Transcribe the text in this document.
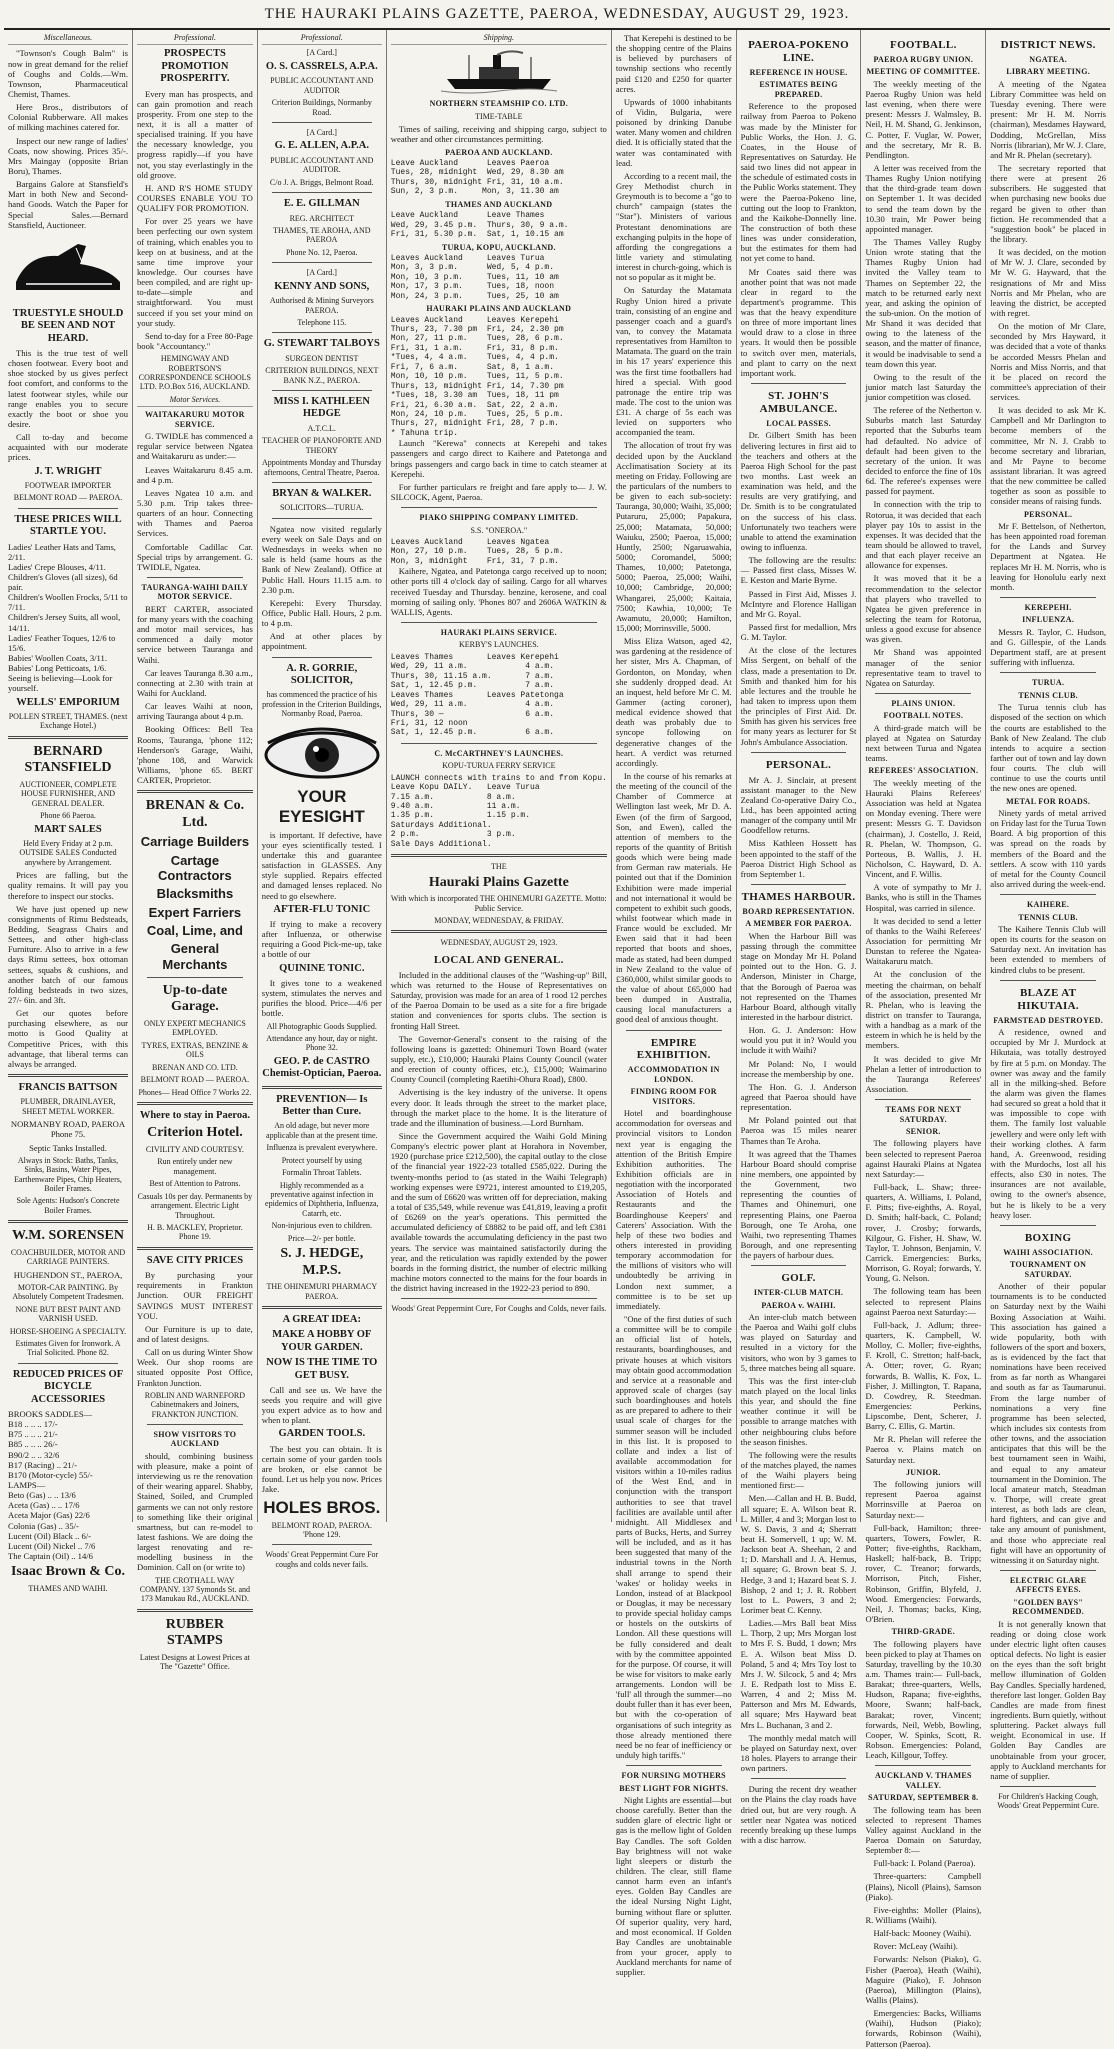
THE HAURAKI PLAINS GAZETTE, PAEROA, WEDNESDAY, AUGUST 29, 1923.
Miscellaneous.

"Townson's Cough Balm" is now in great demand for the relief of Coughs and Colds.—Wm. Townson, Pharmaceutical Chemist, Thames.

Here Bros., distributors of Colonial Rubberware. All makes of milking machines catered for.

Inspect our new range of ladies' Coats, now showing. Prices 35/-. Mrs Maingay (opposite Brian Boru), Thames.

Bargains Galore at Stansfield's Mart in both New and Second-hand Goods. Watch the Paper for Special Sales.—Bernard Stansfield, Auctioneer.

TRUESTYLE SHOULD BE SEEN AND NOT HEARD.

This is the true test of well chosen footwear. Every boot and shoe stocked by us gives perfect foot comfort, and conforms to the latest footwear styles, while our range enables you to secure exactly the boot or shoe you desire.

Call to-day and become acquainted with our moderate prices.

J. T. WRIGHT
FOOTWEAR IMPORTER
BELMONT ROAD — PAEROA.
THESE PRICES WILL STARTLE YOU.
Ladies' Leather Hats and Tams, 2/11.
Ladies' Crepe Blouses, 4/11.
Children's Gloves (all sizes), 6d pair.
Children's Woollen Frocks, 5/11 to 7/11.
Children's Jersey Suits, all wool, 14/11.
Ladies' Feather Toques, 12/6 to 15/6.
Babies' Woollen Coats, 3/11.
Babies' Long Petticoats, 1/6.
Seeing is believing—Look for yourself.
WELLS' EMPORIUM
POLLEN STREET, THAMES. (next Exchange Hotel.)
BERNARD STANSFIELD
AUCTIONEER, COMPLETE HOUSE FURNISHER, AND GENERAL DEALER.
Phone 66 Paeroa.
MART SALES
Held Every Friday at 2 p.m. OUTSIDE SALES Conducted anywhere by Arrangement.

Prices are falling, but the quality remains. It will pay you therefore to inspect our stocks.

We have just opened up new consignments of Rimu Bedsteads, Bedding, Seagrass Chairs and Settees, and other high-class Furniture. Also to arrive in a few days Rimu settees, box ottoman settees, squabs & cushions, and another batch of our famous folding bedsteads in two sizes, 27/- 6in. and 3ft.

Get our quotes before purchasing elsewhere, as our motto is Good Quality at Competitive Prices, with this advantage, that liberal terms can always be arranged.

FRANCIS BATTSON
PLUMBER, DRAINLAYER, SHEET METAL WORKER.
NORMANBY ROAD, PAEROA Phone 75.
Septic Tanks Installed.
Always in Stock: Baths, Tanks, Sinks, Basins, Water Pipes, Earthenware Pipes, Chip Heaters, Boiler Frames.
Sole Agents: Hudson's Concrete Boiler Frames.
W.M. SORENSEN
COACHBUILDER, MOTOR AND CARRIAGE PAINTERS.
HUGHENDON ST., PAEROA,
MOTOR-CAR PAINTING. By Absolutely Competent Tradesmen.
NONE BUT BEST PAINT AND VARNISH USED.
HORSE-SHOEING A SPECIALTY.
Estimates Given for Ironwork. A Trial Solicited. Phone 82.
REDUCED PRICES OF BICYCLE ACCESSORIES
BROOKS SADDLES—
B18 .. .. .. 17/-
B75 .. .. .. 21/-
B85 .. .. .. 26/-
B90/2 .. .. 32/6
B17 (Racing) .. 21/-
B170 (Motor-cycle) 55/-
LAMPS—
Beto (Gas) .. .. 13/6
Aceta (Gas) .. .. 17/6
Aceta Major (Gas) 22/6
Colonia (Gas) .. 35/-
Lucent (Oil) Black .. 6/-
Lucent (Oil) Nickel .. 7/6
The Captain (Oil) .. 14/6
Isaac Brown & Co.
THAMES AND WAIHI.
Professional.
PROSPECTS PROMOTION PROSPERITY.

Every man has prospects, and can gain promotion and reach prosperity. From one step to the next, it is all a matter of specialised training. If you have the necessary knowledge, you progress rapidly—if you have not, you stay everlastingly in the old groove.

H. AND R'S HOME STUDY COURSES ENABLE YOU TO QUALIFY FOR PROMOTION.

For over 25 years we have been perfecting our own system of training, which enables you to keep on at business, and at the same time improve your knowledge. Our courses have been compiled, and are right up-to-date—simple and straightforward. You must succeed if you set your mind on your study.

Send to-day for a Free 80-Page book "Accountancy."

HEMINGWAY AND ROBERTSON'S CORRESPONDENCE SCHOOLS LTD. P.O.Box 516, AUCKLAND.
Motor Services.
WAITAKARURU MOTOR SERVICE.

G. TWIDLE has commenced a regular service between Ngatea and Waitakaruru as under:—

Leaves Waitakaruru 8.45 a.m. and 4 p.m.

Leaves Ngatea 10 a.m. and 5.30 p.m. Trip takes three-quarters of an hour. Connecting with Thames and Paeroa Services.

Comfortable Cadillac Car. Special trips by arrangement. G. TWIDLE, Ngatea.

TAURANGA-WAIHI DAILY MOTOR SERVICE.

BERT CARTER, associated for many years with the coaching and motor mail services, has commenced a daily motor service between Tauranga and Waihi.

Car leaves Tauranga 8.30 a.m., connecting at 2.30 with train at Waihi for Auckland.

Car leaves Waihi at noon, arriving Tauranga about 4 p.m.

Booking Offices: Bell Tea Rooms, Tauranga, 'phone 112; Henderson's Garage, Waihi, 'phone 108, and Warwick Williams, 'phone 65. BERT CARTER, Proprietor.

BRENAN & Co. Ltd.
Carriage Builders
Cartage Contractors
Blacksmiths
Expert Farriers
Coal, Lime, and
General Merchants
Up-to-date Garage.
ONLY EXPERT MECHANICS EMPLOYED.
TYRES, EXTRAS, BENZINE & OILS
BRENAN AND CO. LTD.
BELMONT ROAD — PAEROA.
Phones— Head Office 7 Works 22.
Where to stay in Paeroa.
Criterion Hotel.
CIVILITY AND COURTESY.
Run entirely under new management.
Best of Attention to Patrons.
Casuals 10s per day. Permanents by arrangement. Electric Light Throughout.
H. B. MACKLEY, Proprietor. Phone 19.
SAVE CITY PRICES

By purchasing your requirements in Frankton Junction. OUR FREIGHT SAVINGS MUST INTEREST YOU.

Our Furniture is up to date, and of latest designs.

Call on us during Winter Show Week. Our shop rooms are situated opposite Post Office, Frankton Junction.

ROBLIN AND WARNEFORD Cabinetmakers and Joiners, FRANKTON JUNCTION.
SHOW VISITORS TO AUCKLAND

should, combining business with pleasure, make a point of interviewing us re the renovation of their wearing apparel. Shabby, Stained, Soiled, and Crumpled garments we can not only restore to something like their original smartness, but can re-model to latest fashions. We are doing the largest renovating and re-modelling business in the Dominion. Call on (or write to)

THE CROTHALL WAY COMPANY. 137 Symonds St. and 173 Manukau Rd., AUCKLAND.
RUBBER STAMPS
Latest Designs at Lowest Prices at The "Gazette" Office.
Professional.
[A Card.]
O. S. CASSRELS, A.P.A.
PUBLIC ACCOUNTANT AND AUDITOR
Criterion Buildings, Normanby Road.
[A Card.]
G. E. ALLEN, A.P.A.
PUBLIC ACCOUNTANT AND AUDITOR.
C/o J. A. Briggs, Belmont Road.
E. E. GILLMAN
REG. ARCHITECT
THAMES, TE AROHA, AND PAEROA
Phone No. 12, Paeroa.
[A Card.]
KENNY AND SONS,
Authorised & Mining Surveyors PAEROA.
Telephone 115.
G. STEWART TALBOYS
SURGEON DENTIST
CRITERION BUILDINGS, NEXT BANK N.Z., PAEROA.
MISS I. KATHLEEN HEDGE
A.T.C.L.
TEACHER OF PIANOFORTE AND THEORY
Appointments Monday and Thursday afternoons, Central Theatre, Paeroa.
BRYAN & WALKER.
SOLICITORS—TURUA.

Ngatea now visited regularly every week on Sale Days and on Wednesdays in weeks when no sale is held (same hours as the Bank of New Zealand). Office at Public Hall. Hours 11.15 a.m. to 2.30 p.m.

Kerepehi: Every Thursday. Office, Public Hall. Hours, 2 p.m. to 4 p.m.

And at other places by appointment.

A. R. GORRIE, SOLICITOR,
has commenced the practice of his profession in the Criterion Buildings, Normanby Road, Paeroa.
YOUR EYESIGHT

is important. If defective, have your eyes scientifically tested. I undertake this and guarantee satisfaction in GLASSES. Any style supplied. Repairs effected and damaged lenses replaced. No need to go elsewhere.

AFTER-FLU TONIC

If trying to make a recovery after Influenza, or otherwise requiring a Good Pick-me-up, take a bottle of our

QUININE TONIC.

It gives tone to a weakened system, stimulates the nerves and purifies the blood. Price—4/6 per bottle.

All Photographic Goods Supplied.
Attendance any hour, day or night. Phone 32.
GEO. P. de CASTRO Chemist-Optician, Paeroa.
PREVENTION— Is Better than Cure.
An old adage, but never more applicable than at the present time.
Influenza is prevalent everywhere.
Protect yourself by using
Formalin Throat Tablets.
Highly recommended as a preventative against infection in epidemics of Diphtheria, Influenza, Catarrh, etc.
Non-injurious even to children.
Price—2/- per bottle.
S. J. HEDGE, M.P.S.
THE OHINEMURI PHARMACY PAEROA.
A GREAT IDEA:
MAKE A HOBBY OF YOUR GARDEN.
NOW IS THE TIME TO GET BUSY.

Call and see us. We have the seeds you require and will give you expert advice as to how and when to plant.

GARDEN TOOLS.

The best you can obtain. It is certain some of your garden tools are broken, or else cannot be found. Let us help you now. Prices Jake.

HOLES BROS.
BELMONT ROAD, PAEROA. 'Phone 129.
Woods' Great Peppermint Cure For coughs and colds never fails.
Shipping.
NORTHERN STEAMSHIP CO. LTD.
TIME-TABLE

Times of sailing, receiving and shipping cargo, subject to weather and other circumstances permitting.

PAEROA AND AUCKLAND.
Leave Auckland      Leaves Paeroa
Tues, 28, midnight  Wed, 29, 8.30 am
Thurs, 30, midnight Fri, 31, 10 a.m.
Sun, 2, 3 p.m.     Mon, 3, 11.30 am
THAMES AND AUCKLAND
Leave Auckland      Leave Thames
Wed, 29, 3.45 p.m.  Thurs, 30, 9 a.m.
Fri, 31, 5.30 p.m.  Sat, 1, 10.15 am
TURUA, KOPU, AUCKLAND.
Leaves Auckland     Leaves Turua
Mon, 3, 3 p.m.      Wed, 5, 4 p.m.
Mon, 10, 3 p.m.     Tues, 11, 10 am
Mon, 17, 3 p.m.     Tues, 18, noon
Mon, 24, 3 p.m.     Tues, 25, 10 am
HAURAKI PLAINS AND AUCKLAND
Leaves Auckland     Leaves Kerepehi
Thurs, 23, 7.30 pm  Fri, 24, 2.30 pm
Mon, 27, 11 p.m.    Tues, 28, 6 p.m.
Fri, 31, 1 a.m.     Fri, 31, 8 p.m.
*Tues, 4, 4 a.m.    Tues, 4, 4 p.m.
Fri, 7, 6 a.m.      Sat, 8, 1 a.m.
Mon, 10, 10 p.m.    Tues, 11, 5 p.m.
Thurs, 13, midnight Fri, 14, 7.30 pm
*Tues, 18, 3.30 am  Tues, 18, 11 pm
Fri, 21, 6.30 a.m.  Sat, 22, 2 a.m.
Mon, 24, 10 p.m.    Tues, 25, 5 p.m.
Thurs, 27, midnight Fri, 28, 7 p.m.
* Tahuna trip.

Launch "Kerewa" connects at Kerepehi and takes passengers and cargo direct to Kaihere and Patetonga and brings passengers and cargo back in time to catch steamer at Kerepehi.

For further particulars re freight and fare apply to— J. W. SILCOCK, Agent, Paeroa.

PIAKO SHIPPING COMPANY LIMITED.
S.S. "ONEROA."
Leaves Auckland     Leaves Ngatea
Mon, 27, 10 p.m.    Tues, 28, 5 p.m.
Mon, 3, midnight    Fri, 31, 7 p.m.

Kaihere, Ngatea, and Patetonga cargo received up to noon; other ports till 4 o'clock day of sailing. Cargo for all wharves received Tuesday and Thursday. benzine, kerosene, and coal morning of sailing only. 'Phones 807 and 2606A WATKIN & WALLIS, Agents.

HAURAKI PLAINS SERVICE.
KERBY'S LAUNCHES.
Leaves Thames       Leaves Kerepehi
Wed, 29, 11 a.m.            4 a.m.
Thurs, 30, 11.15 a.m.       7 a.m.
Sat, 1, 12.45 p.m.          7 a.m.
Leaves Thames       Leaves Patetonga
Wed, 29, 11 a.m.            4 a.m.
Thurs, 30 —                 6 a.m.
Fri, 31, 12 noon
Sat, 1, 12.45 p.m.          6 a.m.
C. McCARTHNEY'S LAUNCHES.
KOPU-TURUA FERRY SERVICE
LAUNCH connects with trains to and from Kopu.
Leave Kopu DAILY.   Leave Turua
7.15 a.m.           8 a.m.
9.40 a.m.           11 a.m.
1.35 p.m.           1.15 p.m.
Saturdays Additional.
2 p.m.              3 p.m.
Sale Days Additional.
THE
Hauraki Plains Gazette
With which is incorporated THE OHINEMURI GAZETTE. Motto: Public Service.
MONDAY, WEDNESDAY, & FRIDAY.
WEDNESDAY, AUGUST 29, 1923.
LOCAL AND GENERAL.

Included in the additional clauses of the "Washing-up" Bill, which was returned to the House of Representatives on Saturday, provision was made for an area of 1 rood 12 perches of the Paeroa Domain to be used as a site for a fire brigade station and conveniences for sports clubs. The section is fronting Hall Street.

The Governor-General's consent to the raising of the following loans is gazetted: Ohinemuri Town Board (water supply, etc.), £10,000; Hauraki Plains County Council (water and erection of county offices, etc.), £15,000; Waimarino County Council (completing Raetihi-Ohura Road), £800.

Advertising is the key industry of the universe. It opens every door. It leads through the street to the market place, through the market place to the home. It is the literature of trade and the illumination of business.—Lord Burnham.

Since the Government acquired the Waihi Gold Mining Company's electric power plant at Horahora in November, 1920 (purchase price £212,500), the capital outlay to the close of the financial year 1922-23 totalled £585,022. During the twenty-months period to (as stated in the Waihi Telegraph) working expenses were £9721, interest amounted to £19,205, and the sum of £6620 was written off for depreciation, making a total of £35,549, while revenue was £41,819, leaving a profit of £6269 on the year's operations. This permitted the accumulated deficiency of £8882 to be paid off, and left £381 available towards the accumulating deficiency in the past two years. The service was maintained satisfactorily during the year, and the reticulation was rapidly extended by the power boards in the forming district, the number of electric milking machine motors connected to the mains for the four boards in the district having increased in the 1922-23 period to 890.

Woods' Great Peppermint Cure, For Coughs and Colds, never fails.

That Kerepehi is destined to be the shopping centre of the Plains is believed by purchasers of township sections who recently paid £120 and £250 for quarter acres.

Upwards of 1000 inhabitants of Vidin, Bulgaria, were poisoned by drinking Danube water. Many women and children died. It is officially stated that the water was contaminated with lead.

According to a recent mail, the Grey Methodist church in Greymouth is to become a "go to church" campaign (states the "Star"). Ministers of various Protestant denominations are exchanging pulpits in the hope of affording the congregations a little variety and stimulating interest in church-going, which is not so popular as it might be.

On Saturday the Matamata Rugby Union hired a private train, consisting of an engine and passenger coach and a guard's van, to convey the Matamata representatives from Hamilton to Matamata. The guard on the train in his 17 years' experience this was the first time footballers had hired a special. With good patronage the entire trip was made. The cost to the union was £31. A charge of 5s each was levied on supporters who accompanied the team.

The allocation of trout fry was decided upon by the Auckland Acclimatisation Society at its meeting on Friday. Following are the particulars of the numbers to be given to each sub-society: Tauranga, 30,000; Waihi, 35,000; Putaruru, 25,000; Papakura, 25,000; Matamata, 50,000; Waiuku, 2500; Paeroa, 15,000; Huntly, 2500; Ngaruawahia, 5000; Coromandel, 5000; Thames, 10,000; Patetonga, 5000; Paeroa, 25,000; Waihi, 10,000; Cambridge, 20,000; Whangarei, 25,000; Kaitaia, 7500; Kawhia, 10,000; Te Awamutu, 20,000; Hamilton, 15,000; Morrinsville, 5000.

Miss Eliza Watson, aged 42, was gardening at the residence of her sister, Mrs A. Chapman, of Gordonton, on Monday, when she suddenly dropped dead. At an inquest, held before Mr C. M. Gammer (acting coroner), medical evidence showed that death was probably due to syncope following on degenerative changes of the heart. A verdict was returned accordingly.

In the course of his remarks at the meeting of the council of the Chamber of Commerce at Wellington last week, Mr D. A. Ewen (of the firm of Sargood, Son, and Ewen), called the attention of members to the reports of the quantity of British goods which were being made from German raw materials. He pointed out that if the Dominion Exhibition were made imperial and not international it would be competent to exhibit such goods, whilst footwear which made in France would be excluded. Mr Ewen said that it had been reported that boots and shoes, made as stated, had been dumped in New Zealand to the value of £360,000, whilst similar goods to the value of about £65,000 had been dumped in Australia, causing local manufacturers a good deal of anxious thought.

EMPIRE EXHIBITION.
ACCOMMODATION IN LONDON.
FINDING ROOM FOR VISITORS.

Hotel and boardinghouse accommodation for overseas and provincial visitors to London next year is engaging the attention of the British Empire Exhibition authorities. The Exhibition officials are in negotiation with the incorporated Association of Hotels and Restaurants and the Boardinghouse Keepers' and Caterers' Association. With the help of these two bodies and others interested in providing temporary accommodation for the millions of visitors who will undoubtedly be arriving in London next summer, a committee is to be set up immediately.

"One of the first duties of such a committee will be to compile an official list of hotels, restaurants, boardinghouses, and private houses at which visitors may obtain good accommodation and service at a reasonable and approved scale of charges (say such boardinghouses and hotels as are prepared to adhere to their usual scale of charges for the summer season will be included in this list. It is proposed to collate and index a list of available accommodation for visitors within a 10-miles radius of the West End, and in conjunction with the transport authorities to see that travel facilities are available until after midnight. All Middlesex and parts of Bucks, Herts, and Surrey will be included, and as it has been suggested that many of the industrial towns in the North shall arrange to spend their 'wakes' or holiday weeks in London, instead of at Blackpool or Douglas, it may be necessary to provide special holiday camps or hostels on the outskirts of London. All these questions will be fully considered and dealt with by the committee appointed for the purpose. Of course, it will be wise for visitors to make early arrangements. London will be 'full' all through the summer—no doubt fuller than it has ever been, but with the co-operation of organisations of such integrity as those already mentioned there need be no fear of inefficiency or unduly high tariffs."

FOR NURSING MOTHERS
BEST LIGHT FOR NIGHTS.

Night Lights are essential—but choose carefully. Better than the sudden glare of electric light or gas is the mellow light of Golden Bay Candles. The soft Golden Bay brightness will not wake light sleepers or disturb the children. The clear, still flame cannot harm even an infant's eyes. Golden Bay Candles are the ideal Nursing Night Light, burning without flare or splutter. Of superior quality, very hard, and most economical. If Golden Bay Candles are unobtainable from your grocer, apply to Auckland merchants for name of supplier.

PAEROA-POKENO LINE.
REFERENCE IN HOUSE.
ESTIMATES BEING PREPARED.

Reference to the proposed railway from Paeroa to Pokeno was made by the Minister for Public Works, the Hon. J. G. Coates, in the House of Representatives on Saturday. He said two lines did not appear in the schedule of estimated costs in the Public Works statement. They were the Paeroa-Pokeno line, cutting out the loop to Frankton, and the Kaikohe-Donnelly line. The construction of both these lines was under consideration, but the estimates for them had not yet come to hand.

Mr Coates said there was another point that was not made clear in regard to the department's programme. This was that the heavy expenditure on three of more important lines would draw to a close in three years. It would then be possible to switch over men, materials, and plant to carry on the next important work.

ST. JOHN'S AMBULANCE.
LOCAL PASSES.

Dr. Gilbert Smith has been delivering lectures in first aid to the teachers and others at the Paeroa High School for the past two months. Last week an examination was held, and the results are very gratifying, and Dr. Smith is to be congratulated on the success of his class. Unfortunately two teachers were unable to attend the examination owing to influenza.

The following are the results:— Passed first class, Misses W. E. Keston and Marie Byrne.

Passed in First Aid, Misses J. McIntyre and Florence Halligan and Mr G. Royal.

Passed first for medallion, Mrs G. M. Taylor.

At the close of the lectures Miss Sergent, on behalf of the class, made a presentation to Dr. Smith and thanked him for his able lectures and the trouble he had taken to impress upon them the principles of First Aid. Dr. Smith has given his services free for many years as lecturer for St John's Ambulance Association.

PERSONAL.

Mr A. J. Sinclair, at present assistant manager to the New Zealand Co-operative Dairy Co., Ltd., has been appointed acting manager of the company until Mr Goodfellow returns.

Miss Kathleen Hossett has been appointed to the staff of the Paeroa District High School as from September 1.

THAMES HARBOUR.
BOARD REPRESENTATION.
A MEMBER FOR PAEROA.

When the Harbour Bill was passing through the committee stage on Monday Mr H. Poland pointed out to the Hon. G. J. Anderson, Minister in Charge, that the Borough of Paeroa was not represented on the Thames Harbour Board, although vitally interested in the harbour district.

Hon. G. J. Anderson: How would you put it in? Would you include it with Waihi?

Mr Poland: No, I would increase the membership by one.

The Hon. G. J. Anderson agreed that Paeroa should have representation.

Mr Poland pointed out that Paeroa was 15 miles nearer Thames than Te Aroha.

It was agreed that the Thames Harbour Board should comprise nine members, one appointed by the Government, two representing the counties of Thames and Ohinemuri, one representing Plains, one Paeroa Borough, one Te Aroha, one Waihi, two representing Thames Borough, and one representing the payers of harbour dues.

GOLF.
INTER-CLUB MATCH.
PAEROA v. WAIHI.

An inter-club match between the Paeroa and Waihi golf clubs was played on Saturday and resulted in a victory for the visitors, who won by 3 games to 5, three matches being all square.

This was the first inter-club match played on the local links this year, and should the fine weather continue it will be possible to arrange matches with other neighbouring clubs before the season finishes.

The following were the results of the matches played, the names of the Waihi players being mentioned first:—

Men.—Callan and H. B. Budd, all square; E. A. Wilson beat R. L. Miller, 4 and 3; Morgan lost to W. S. Davis, 3 and 4; Sherratt beat H. Somervell, 1 up; W. M. Jackson beat A. Sheehan, 2 and 1; D. Marshall and J. A. Hemus, all square; G. Brown beat S. J. Hedge, 3 and 1; Hazard beat S. J. Bishop, 2 and 1; J. R. Robbert lost to L. Powers, 3 and 2; Lorimer beat C. Kenny.

Ladies.—Mrs Ball beat Miss L. Thorp, 2 up; Mrs Morgan lost to Mrs F. S. Budd, 1 down; Mrs E. A. Wilson beat Miss D. Poland, 5 and 4; Mrs Toy lost to Mrs J. W. Silcock, 5 and 4; Mrs J. E. Redpath lost to Miss E. Warren, 4 and 2; Miss M. Patterson and Mrs M. Edwards, all square; Mrs Hayward beat Mrs L. Buchanan, 3 and 2.

The monthly medal match will be played on Saturday next, over 18 holes. Players to arrange their own partners.

During the recent dry weather on the Plains the clay roads have dried out, but are very rough. A settler near Ngatea was noticed recently breaking up these lumps with a disc harrow.

FOOTBALL.
PAEROA RUGBY UNION.
MEETING OF COMMITTEE.

The weekly meeting of the Paeroa Rugby Union was held last evening, when there were present: Messrs J. Walmsley, B. Neil, H. M. Shand, G. Jenkinson, C. Potter, F. Vuglar, W. Power, and the secretary, Mr R. B. Pendlington.

A letter was received from the Thames Rugby Union notifying that the third-grade team down on September 1. It was decided to send the team down by the 10.30 train, Mr Power being appointed manager.

The Thames Valley Rugby Union wrote stating that the Thames Rugby Union had invited the Valley team to Thames on September 22, the match to be returned early next year, and asking the opinion of the sub-union. On the motion of Mr Shand it was decided that owing to the lateness of the season, and the matter of finance, it would be inadvisable to send a team down this year.

Owing to the result of the junior match last Saturday the junior competition was closed.

The referee of the Netherton v. Suburbs match last Saturday reported that the Suburbs team had defaulted. No advice of default had been given to the secretary of the union. It was decided to enforce the fine of 10s 6d. The referee's expenses were passed for payment.

In connection with the trip to Rotorua, it was decided that each player pay 10s to assist in the expenses. It was decided that the team should be allowed to travel, and that each player receive an allowance for expenses.

It was moved that it be a recommendation to the selector that players who travelled to Ngatea be given preference in selecting the team for Rotorua, unless a good excuse for absence was given.

Mr Shand was appointed manager of the senior representative team to travel to Ngatea on Saturday.

PLAINS UNION.
FOOTBALL NOTES.

A third-grade match will be played at Ngatea on Saturday next between Turua and Ngatea teams.

REFEREES' ASSOCIATION.

The weekly meeting of the Hauraki Plains Referees' Association was held at Ngatea on Monday evening. There were present: Messrs G. T. Davidson (chairman), J. Costello, J. Reid, R. Phelan, W. Thompson, G. Porteous, B. Wallis, J. H. Nicholson, C. Hayward, D. A. Vincent, and F. Willis.

A vote of sympathy to Mr J. Banks, who is still in the Thames Hospital, was carried in silence.

It was decided to send a letter of thanks to the Waihi Referees' Association for permitting Mr Dunstan to referee the Ngatea-Waitakaruru match.

At the conclusion of the meeting the chairman, on behalf of the association, presented Mr R. Phelan, who is leaving the district on transfer to Tauranga, with a handbag as a mark of the esteem in which he is held by the members.

It was decided to give Mr Phelan a letter of introduction to the Tauranga Referees' Association.

TEAMS FOR NEXT SATURDAY.
SENIOR.

The following players have been selected to represent Paeroa against Hauraki Plains at Ngatea next Saturday:—

Full-back, L. Shaw; three-quarters, A. Williams, I. Poland, F. Pitts; five-eighths, A. Royal, D. Smith; half-back, C. Poland; rover, J. Crosby; forwards, Kilgour, G. Fisher, H. Shaw, W. Taylor, T. Johnson, Benjamin, V. Carrick. Emergencies: Burks, Morrison, G. Royal; forwards, Y. Young, G. Nelson.

The following team has been selected to represent Plains against Paeroa next Saturday:—

Full-back, J. Adlum; three-quarters, K. Campbell, W. Molloy, C. Moller; five-eighths, F. Kroll, C. Stretton; half-back, A. Otter; rover, G. Ryan; forwards, B. Wallis, K. Fox, L. Fisher, J. Millington, T. Rapana, D. Cowdrey, R. Steedman. Emergencies: Perkins, Lipscombe, Dent, Scherer, J. Barry, C. Ellis, G. Martin.

Mr R. Phelan will referee the Paeroa v. Plains match on Saturday next.

JUNIOR.

The following juniors will represent Paeroa against Morrinsville at Paeroa on Saturday next:—

Full-back, Hamilton; three-quarters, Towers, Fowler, R. Potter; five-eighths, Rackham, Haskell; half-back, B. Tripp; rover, C. Treanor; forwards, Morrison, Pitch, Fisher, Robinson, Griffin, Blyfeld, J. Wood. Emergencies: Forwards, Neil, J. Thomas; backs, King, O'Brien.

THIRD-GRADE.

The following players have been picked to play at Thames on Saturday, travelling by the 10.30 a.m. Thames train:— Full-back, Barakat; three-quarters, Wells, Hudson, Rapana; five-eighths, Moore, Swann; half-back, Barakat; rover, Vincent; forwards, Neil, Webb, Bowling, Cooper, W. Spinks, Scott, R. Robson. Emergencies: Poland, Leach, Killgour, Toffey.

AUCKLAND V. THAMES VALLEY.
SATURDAY, SEPTEMBER 8.

The following team has been selected to represent Thames Valley against Auckland in the Paeroa Domain on Saturday, September 8:—

Full-back: I. Poland (Paeroa).

Three-quarters: Campbell (Plains), Nicoll (Plains), Samson (Piako).

Five-eighths: Moller (Plains), R. Williams (Waihi).

Half-back: Mooney (Waihi).

Rover: McLeay (Waihi).

Forwards: Nelson (Piako), G. Fisher (Paeroa), Heath (Waihi), Maguire (Piako), F. Johnson (Paeroa), Millington (Plains), Wallis (Plains).

Emergencies: Backs, Williams (Waihi), Hudson (Piako); forwards, Robinson (Waihi), Patterson (Paeroa).

DISTRICT NEWS.
NGATEA.
LIBRARY MEETING.

A meeting of the Ngatea Library Committee was held on Tuesday evening. There were present: Mr H. M. Norris (chairman), Mesdames Hayward, Dodding, McGrellan, Miss Norris (librarian), Mr W. J. Clare, and Mr R. Phelan (secretary).

The secretary reported that there were at present 26 subscribers. He suggested that when purchasing new books due regard be given to other than fiction. He recommended that a "suggestion book" be placed in the library.

It was decided, on the motion of Mr W. J. Clare, seconded by Mr W. G. Hayward, that the resignations of Mr and Miss Norris and Mr Phelan, who are leaving the district, be accepted with regret.

On the motion of Mr Clare, seconded by Mrs Hayward, it was decided that a vote of thanks be accorded Messrs Phelan and Norris and Miss Norris, and that it be placed on record the committee's appreciation of their services.

It was decided to ask Mr K. Campbell and Mr Darlington to become members of the committee, Mr N. J. Crabb to become secretary and librarian, and Mr Payne to become assistant librarian. It was agreed that the new committee be called together as soon as possible to consider means of raising funds.

PERSONAL.

Mr F. Bettelson, of Netherton, has been appointed road foreman for the Lands and Survey Department at Ngatea. He replaces Mr H. M. Norris, who is leaving for Honolulu early next month.

KEREPEHI.
INFLUENZA.

Messrs R. Taylor, C. Hudson, and G. Gillespie, of the Lands Department staff, are at present suffering with influenza.

TURUA.
TENNIS CLUB.

The Turua tennis club has disposed of the section on which the courts are established to the Bank of New Zealand. The club intends to acquire a section farther out of town and lay down four courts. The club will continue to use the courts until the new ones are opened.

METAL FOR ROADS.

Ninety yards of metal arrived on Friday last for the Turua Town Board. A big proportion of this was spread on the roads by members of the Board and the settlers. A scow with 110 yards of metal for the County Council also arrived during the week-end.

KAIHERE.
TENNIS CLUB.

The Kaihere Tennis Club will open its courts for the season on Saturday next. An invitation has been extended to members of kindred clubs to be present.

BLAZE AT HIKUTAIA.
FARMSTEAD DESTROYED.

A residence, owned and occupied by Mr J. Murdock at Hikutaia, was totally destroyed by fire at 5 p.m. on Monday. The owner was away and the family all in the milking-shed. Before the alarm was given the flames had secured so great a hold that it was impossible to cope with them. The family lost valuable jewellery and were only left with their working clothes. A farm hand, A. Greenwood, residing with the Murdochs, lost all his effects, also £30 in notes. The insurances are not available, owing to the owner's absence, but he is likely to be a very heavy loser.

BOXING
WAIHI ASSOCIATION.
TOURNAMENT ON SATURDAY.

Another of their popular tournaments is to be conducted on Saturday next by the Waihi Boxing Association at Waihi. This association has gained a wide popularity, both with followers of the sport and boxers, as is evidenced by the fact that nominations have been received from as far north as Whangarei and south as far as Taumarunui. From the large number of nominations a very fine programme has been selected, which includes six contests from other towns, and the association anticipates that this will be the best tournament seen in Waihi, and equal to any amateur tournament in the Dominion. The local amateur match, Steadman v. Thorpe, will create great interest, as both lads are clean, hard fighters, and can give and take any amount of punishment, and those who appreciate real fight will have an opportunity of witnessing it on Saturday night.

ELECTRIC GLARE AFFECTS EYES.
"GOLDEN BAYS" RECOMMENDED.

It is not generally known that reading or doing close work under electric light often causes optical defects. No light is easier on the eyes than the soft bright mellow illumination of Golden Bay Candles. Specially hardened, therefore last longer. Golden Bay Candles are made from finest ingredients. Burn quietly, without spluttering. Packet always full weight. Economical in use. If Golden Bay Candles are unobtainable from your grocer, apply to Auckland merchants for name of supplier.

For Children's Hacking Cough, Woods' Great Peppermint Cure.
